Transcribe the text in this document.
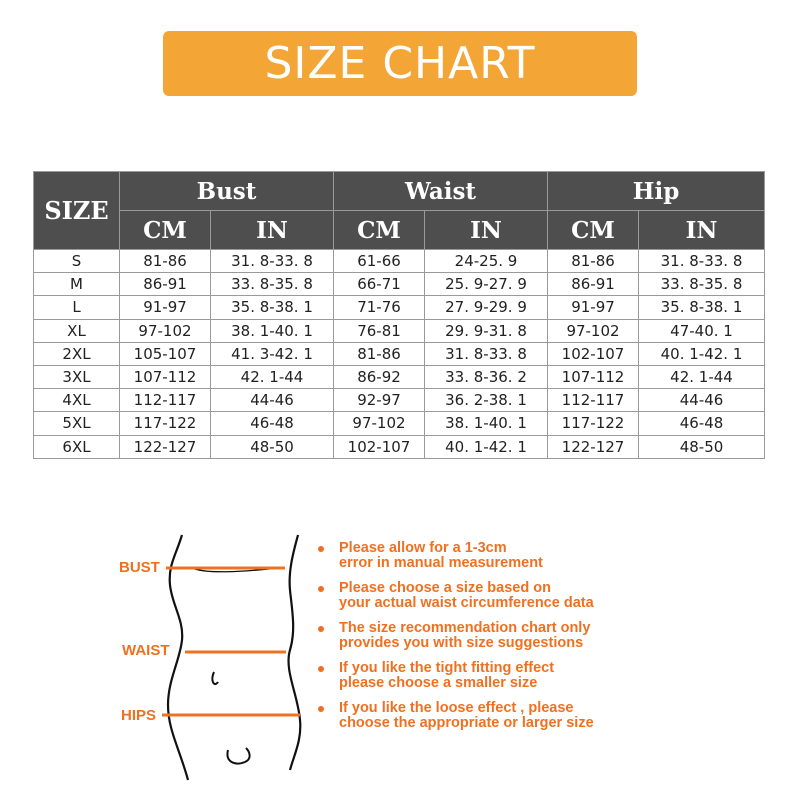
SIZE CHART
SIZE	Bust		Waist		Hip	
	CM	IN	CM	IN	CM	IN
S	81-86	31. 8-33. 8	61-66	24-25. 9	81-86	31. 8-33. 8
M	86-91	33. 8-35. 8	66-71	25. 9-27. 9	86-91	33. 8-35. 8
L	91-97	35. 8-38. 1	71-76	27. 9-29. 9	91-97	35. 8-38. 1
XL	97-102	38. 1-40. 1	76-81	29. 9-31. 8	97-102	47-40. 1
2XL	105-107	41. 3-42. 1	81-86	31. 8-33. 8	102-107	40. 1-42. 1
3XL	107-112	42. 1-44	86-92	33. 8-36. 2	107-112	42. 1-44
4XL	112-117	44-46	92-97	36. 2-38. 1	112-117	44-46
5XL	117-122	46-48	97-102	38. 1-40. 1	117-122	46-48
6XL	122-127	48-50	102-107	40. 1-42. 1	122-127	48-50
BUST
WAIST
HIPS
Please allow for a 1-3cm
error in manual measurement
Please choose a size based on
your actual waist circumference data
The size recommendation chart only
provides you with size suggestions
If you like the tight fitting effect
please choose a smaller size
If you like the loose effect , please
choose the appropriate or larger size
